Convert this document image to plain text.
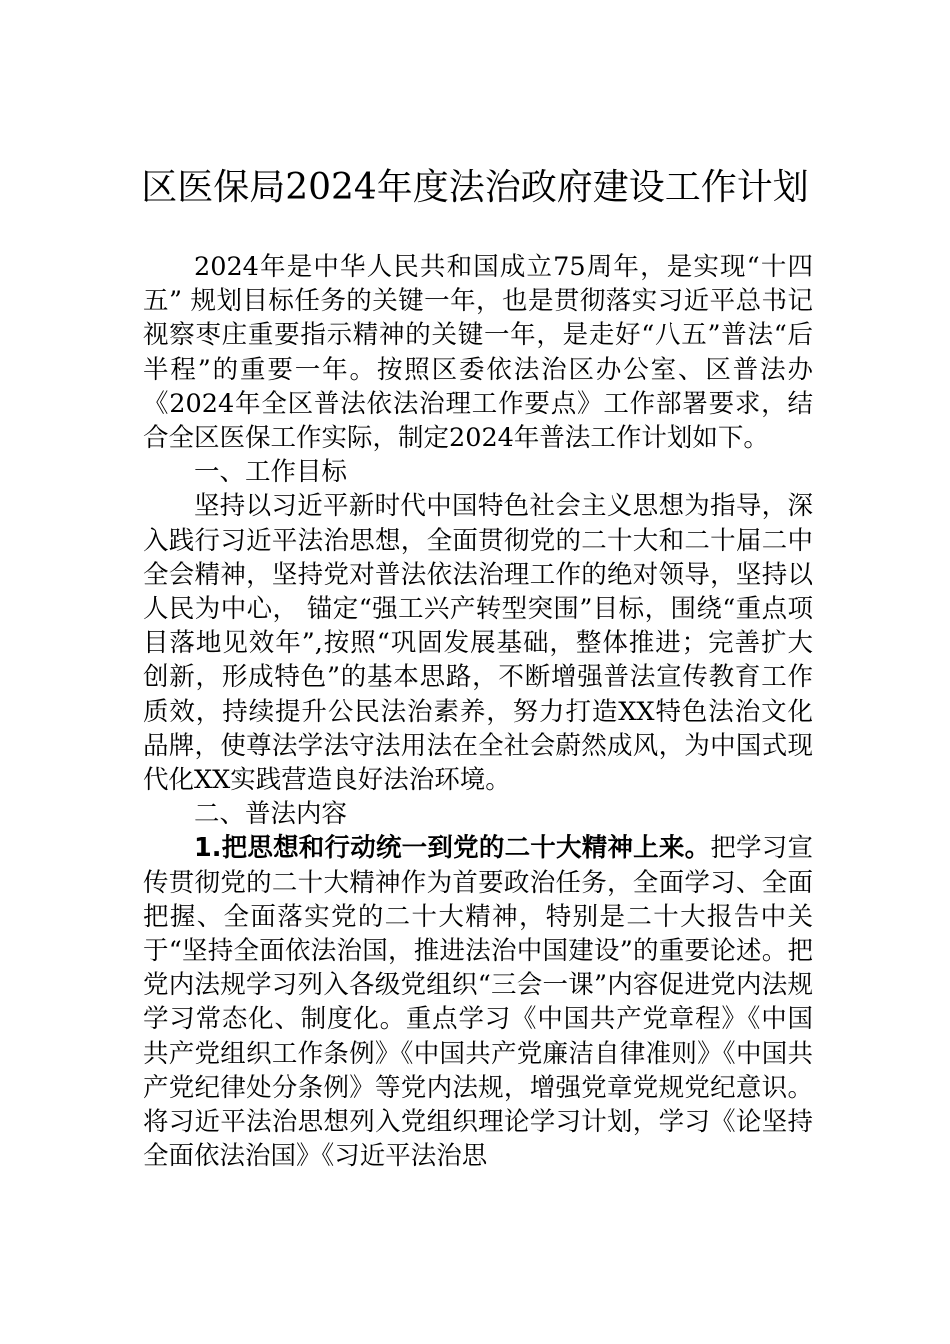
区医保局2024年度法治政府建设工作计划

2024年是中华人民共和国成立75周年，是实现“十四五” 规划目标任务的关键一年，也是贯彻落实习近平总书记视察枣庄重要指示精神的关键一年，是走好“八五”普法“后半程”的重要一年。按照区委依法治区办公室、区普法办《2024年全区普法依法治理工作要点》工作部署要求，结合全区医保工作实际，制定2024年普法工作计划如下。

一、工作目标

坚持以习近平新时代中国特色社会主义思想为指导，深入践行习近平法治思想，全面贯彻党的二十大和二十届二中全会精神，坚持党对普法依法治理工作的绝对领导，坚持以人民为中心， 锚定“强工兴产转型突围”目标，围绕“重点项目落地见效年”,按照“巩固发展基础，整体推进；完善扩大创新，形成特色”的基本思路，不断增强普法宣传教育工作质效，持续提升公民法治素养，努力打造XX特色法治文化品牌，使尊法学法守法用法在全社会蔚然成风，为中国式现代化XX实践营造良好法治环境。

二、普法内容

1.把思想和行动统一到党的二十大精神上来。把学习宣传贯彻党的二十大精神作为首要政治任务，全面学习、全面把握、全面落实党的二十大精神，特别是二十大报告中关于“坚持全面依法治国，推进法治中国建设”的重要论述。把党内法规学习列入各级党组织“三会一课”内容促进党内法规学习常态化、制度化。重点学习《中国共产党章程》《中国共产党组织工作条例》《中国共产党廉洁自律准则》《中国共产党纪律处分条例》等党内法规，增强党章党规党纪意识。将习近平法治思想列入党组织理论学习计划，学习《论坚持全面依法治国》《习近平法治思
